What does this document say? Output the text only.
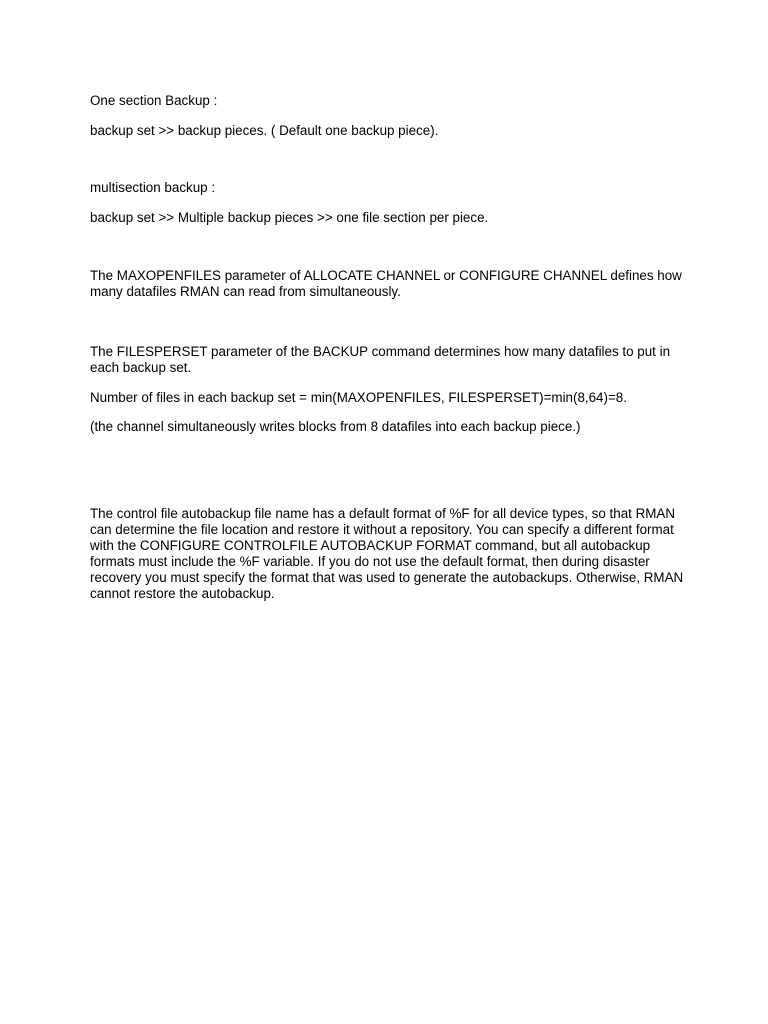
One section Backup :

backup set >> backup pieces. ( Default one backup piece).

multisection backup :

backup set >> Multiple backup pieces >> one file section per piece.

The MAXOPENFILES parameter of ALLOCATE CHANNEL or CONFIGURE CHANNEL defines how many datafiles RMAN can read from simultaneously.

The FILESPERSET parameter of the BACKUP command determines how many datafiles to put in each backup set.

Number of files in each backup set = min(MAXOPENFILES, FILESPERSET)=min(8,64)=8.

(the channel simultaneously writes blocks from 8 datafiles into each backup piece.)

The control file autobackup file name has a default format of %F for all device types, so that RMAN can determine the file location and restore it without a repository. You can specify a different format with the CONFIGURE CONTROLFILE AUTOBACKUP FORMAT command, but all autobackup formats must include the %F variable. If you do not use the default format, then during disaster recovery you must specify the format that was used to generate the autobackups. Otherwise, RMAN cannot restore the autobackup.
